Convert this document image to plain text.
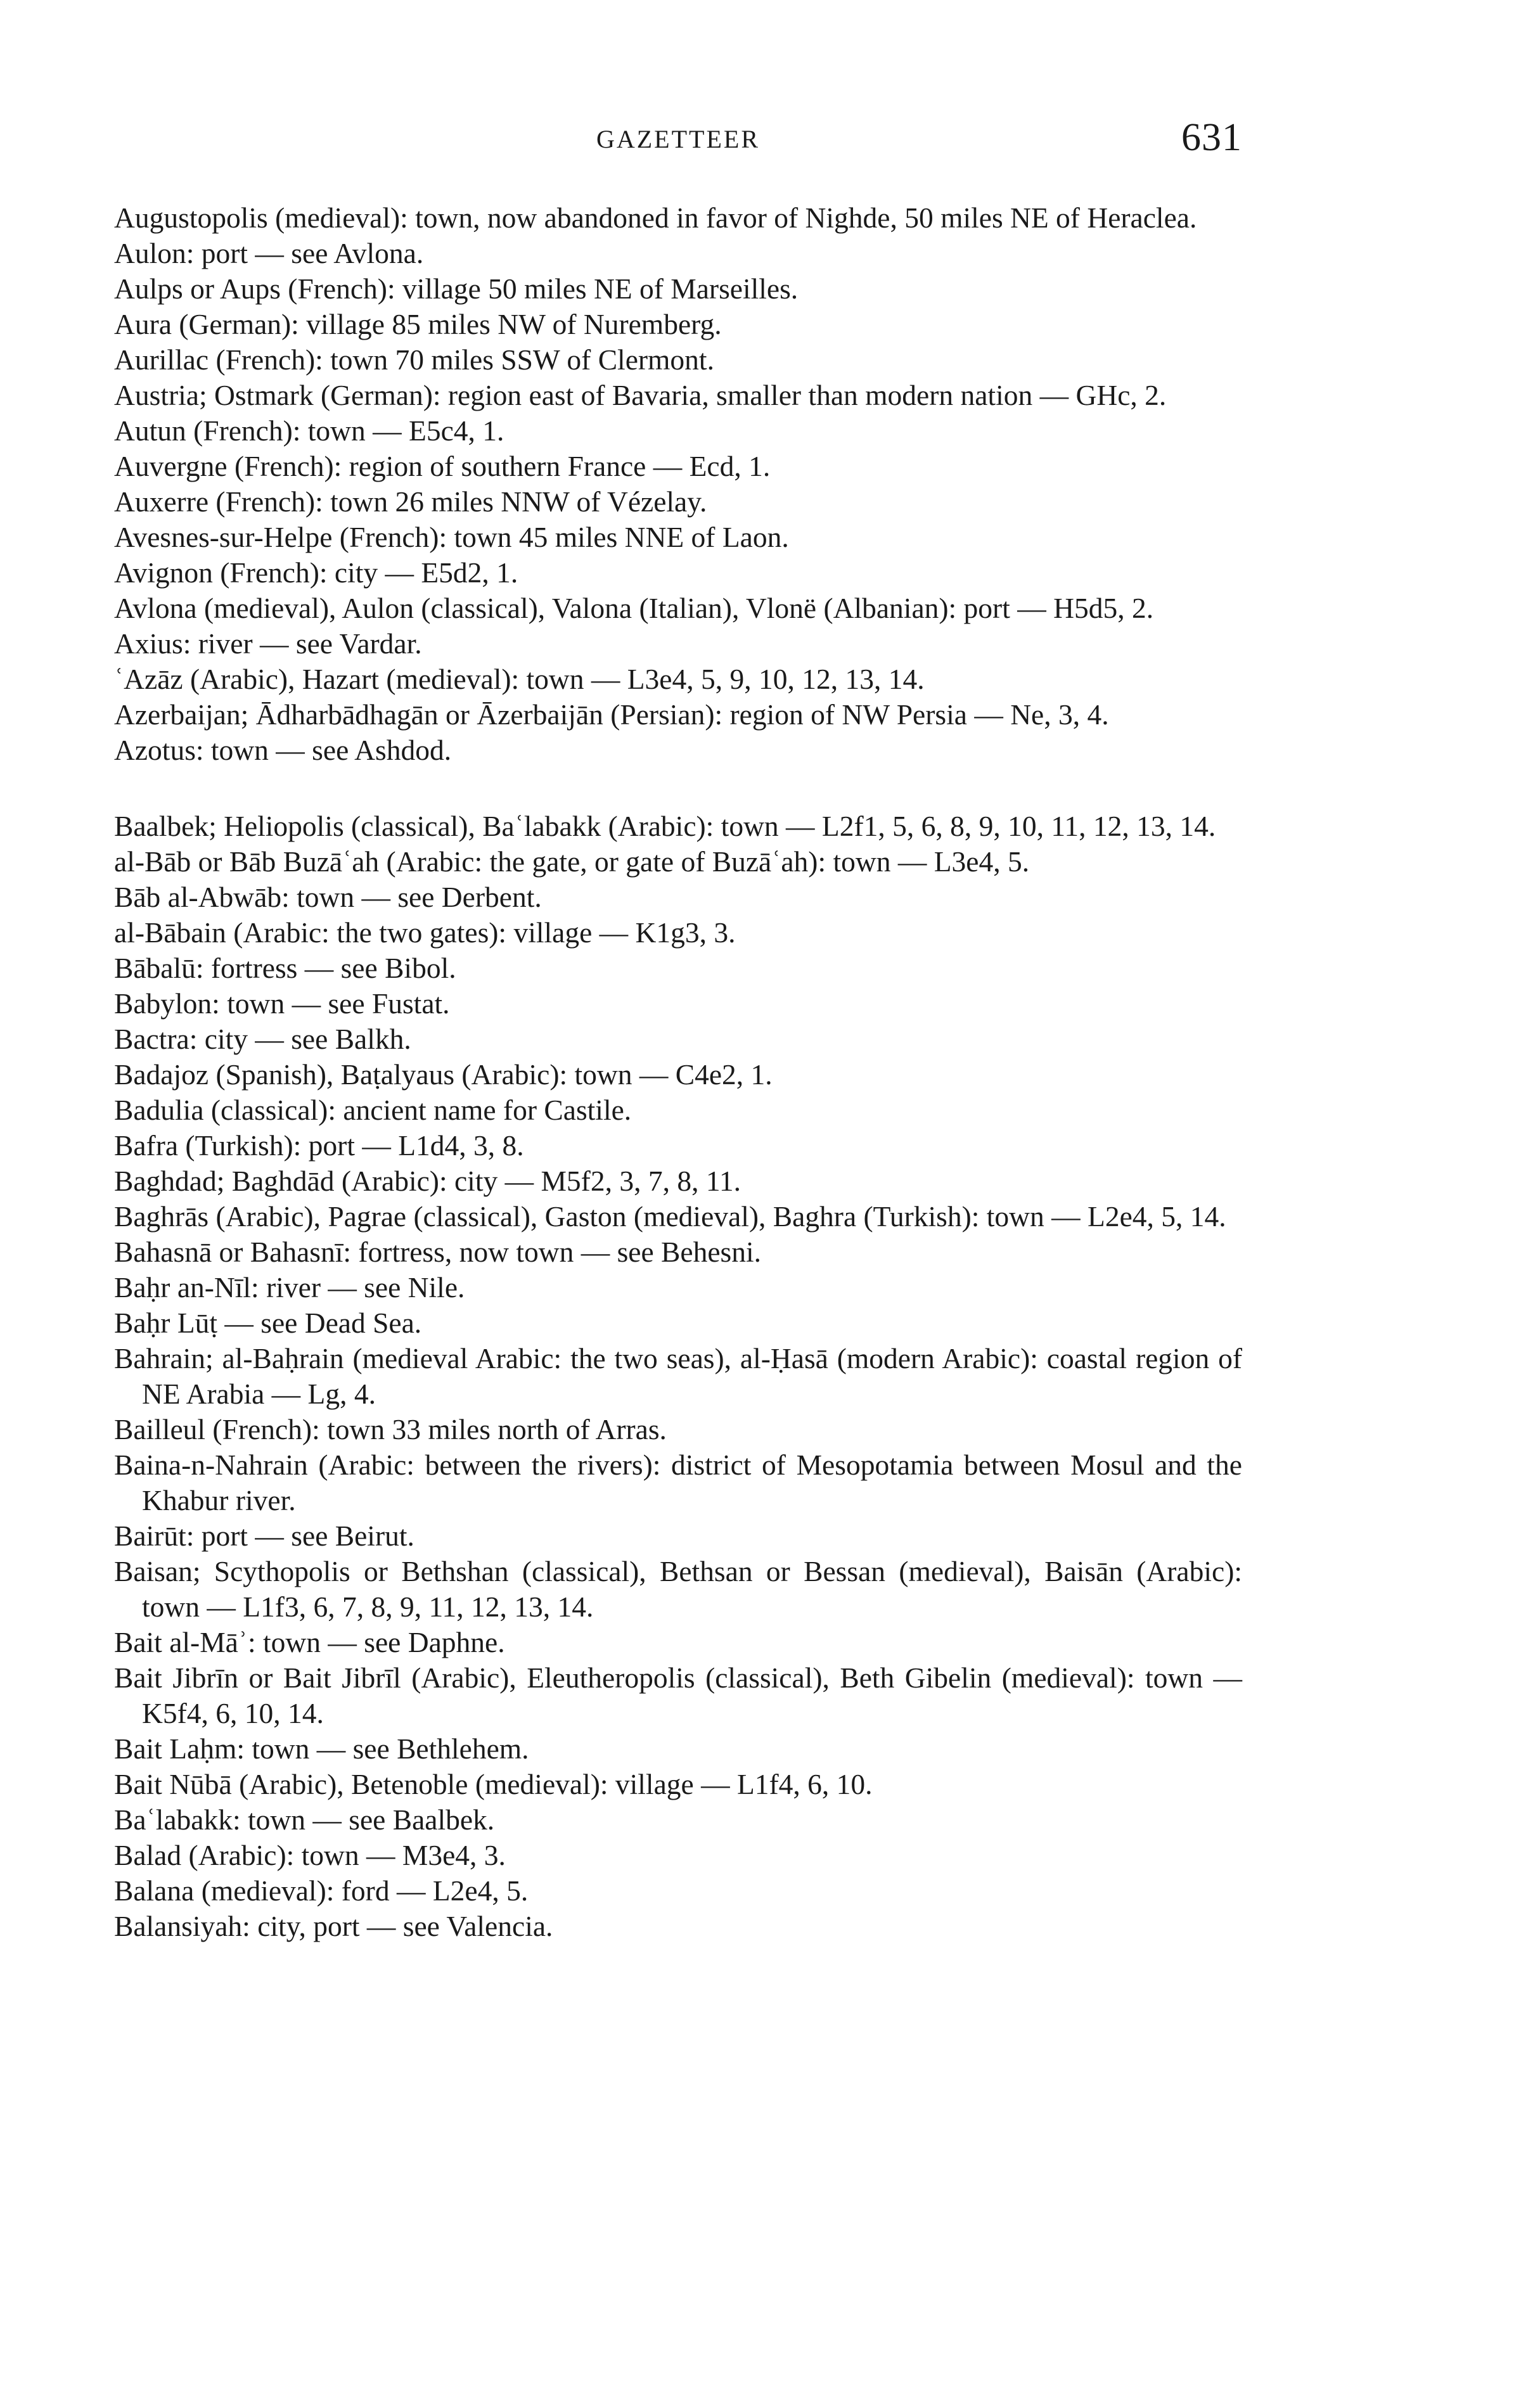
GAZETTEER	631

Augustopolis (medieval): town, now abandoned in favor of Nighde, 50 miles NE of Heraclea.

Aulon: port — see Avlona.

Aulps or Aups (French): village 50 miles NE of Marseilles.

Aura (German): village 85 miles NW of Nuremberg.

Aurillac (French): town 70 miles SSW of Clermont.

Austria; Ostmark (German): region east of Bavaria, smaller than modern nation — GHc, 2.

Autun (French): town — E5c4, 1.

Auvergne (French): region of southern France — Ecd, 1.

Auxerre (French): town 26 miles NNW of Vézelay.

Avesnes-sur-Helpe (French): town 45 miles NNE of Laon.

Avignon (French): city — E5d2, 1.

Avlona (medieval), Aulon (classical), Valona (Italian), Vlonë (Albanian): port — H5d5, 2.

Axius: river — see Vardar.

ʿAzāz (Arabic), Hazart (medieval): town — L3e4, 5, 9, 10, 12, 13, 14.

Azerbaijan; Ādharbādhagān or Āzerbaijān (Persian): region of NW Persia — Ne, 3, 4.

Azotus: town — see Ashdod.

Baalbek; Heliopolis (classical), Baʿlabakk (Arabic): town — L2f1, 5, 6, 8, 9, 10, 11, 12, 13, 14.

al-Bāb or Bāb Buzāʿah (Arabic: the gate, or gate of Buzāʿah): town — L3e4, 5.

Bāb al-Abwāb: town — see Derbent.

al-Bābain (Arabic: the two gates): village — K1g3, 3.

Bābalū: fortress — see Bibol.

Babylon: town — see Fustat.

Bactra: city — see Balkh.

Badajoz (Spanish), Baṭalyaus (Arabic): town — C4e2, 1.

Badulia (classical): ancient name for Castile.

Bafra (Turkish): port — L1d4, 3, 8.

Baghdad; Baghdād (Arabic): city — M5f2, 3, 7, 8, 11.

Baghrās (Arabic), Pagrae (classical), Gaston (medieval), Baghra (Turkish): town — L2e4, 5, 14.

Bahasnā or Bahasnī: fortress, now town — see Behesni.

Baḥr an-Nīl: river — see Nile.

Baḥr Lūṭ — see Dead Sea.

Bahrain; al-Baḥrain (medieval Arabic: the two seas), al-Ḥasā (modern Arabic): coastal region of NE Arabia — Lg, 4.

Bailleul (French): town 33 miles north of Arras.

Baina-n-Nahrain (Arabic: between the rivers): district of Mesopotamia between Mosul and the Khabur river.

Bairūt: port — see Beirut.

Baisan; Scythopolis or Bethshan (classical), Bethsan or Bessan (medieval), Baisān (Arabic): town — L1f3, 6, 7, 8, 9, 11, 12, 13, 14.

Bait al-Māʾ: town — see Daphne.

Bait Jibrīn or Bait Jibrīl (Arabic), Eleutheropolis (classical), Beth Gibelin (medieval): town — K5f4, 6, 10, 14.

Bait Laḥm: town — see Bethlehem.

Bait Nūbā (Arabic), Betenoble (medieval): village — L1f4, 6, 10.

Baʿlabakk: town — see Baalbek.

Balad (Arabic): town — M3e4, 3.

Balana (medieval): ford — L2e4, 5.

Balansiyah: city, port — see Valencia.
